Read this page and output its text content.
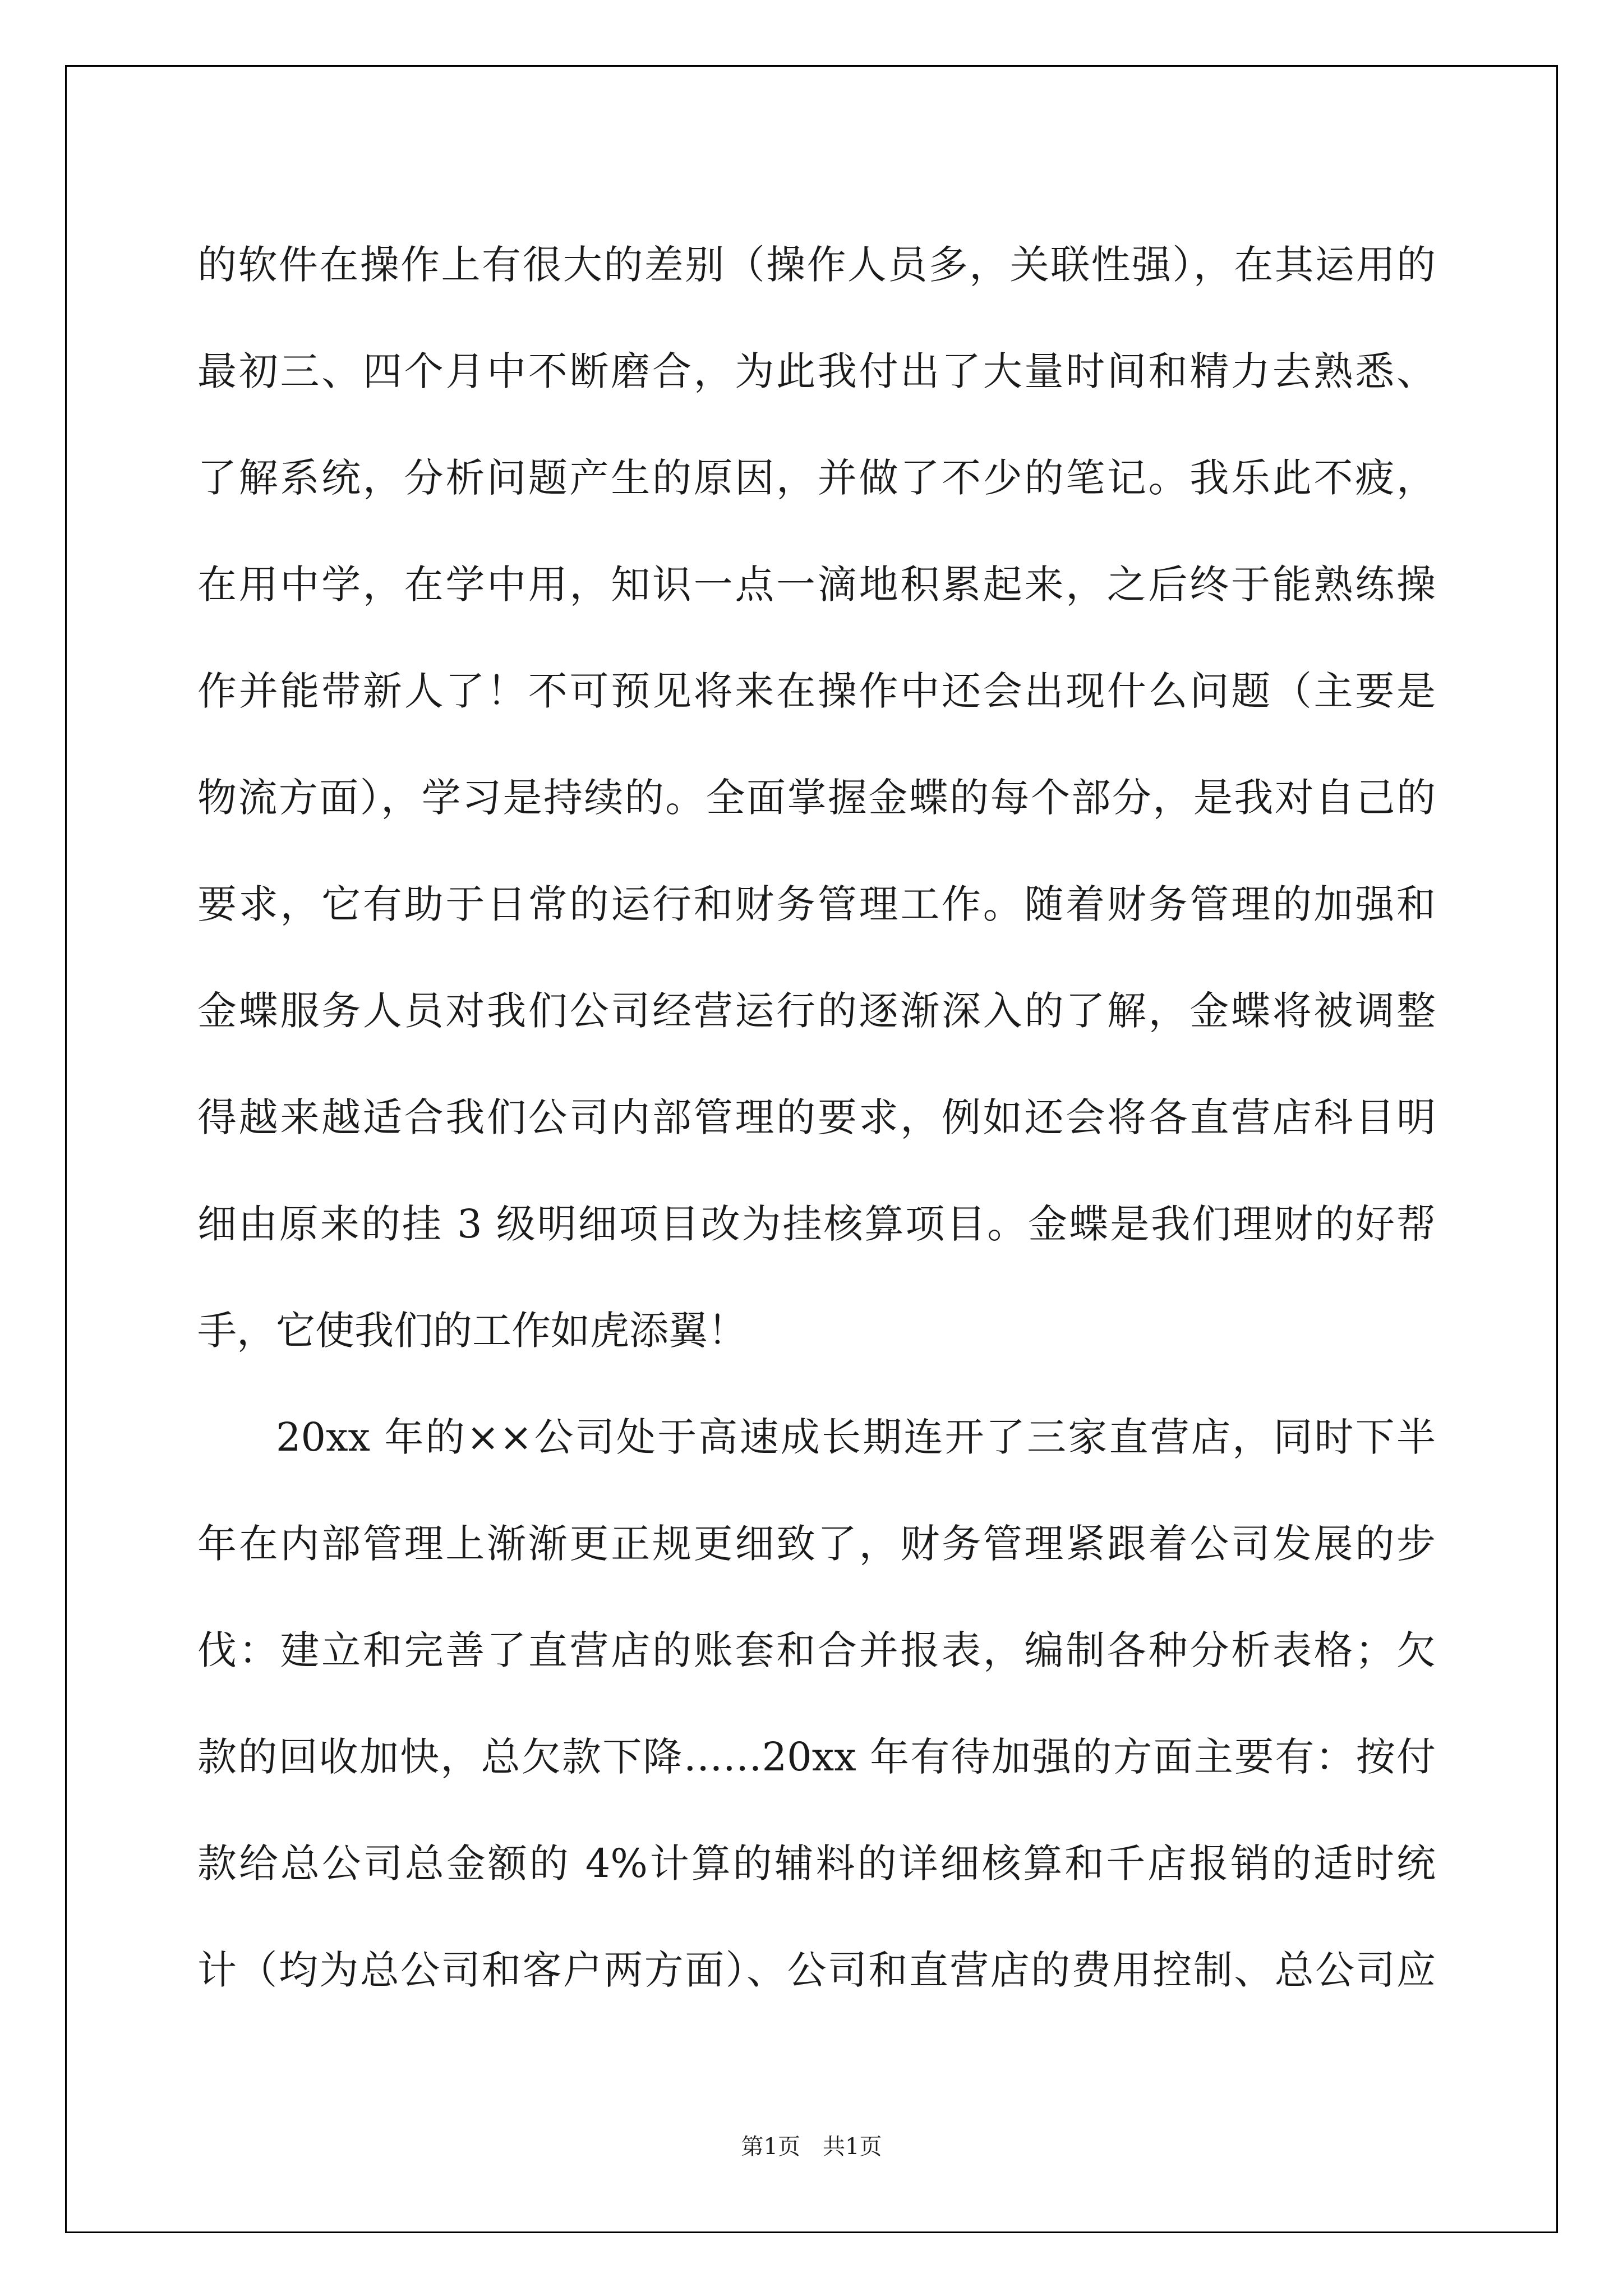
的软件在操作上有很大的差别（操作人员多，关联性强），在其运用的
最初三、四个月中不断磨合，为此我付出了大量时间和精力去熟悉、
了解系统，分析问题产生的原因，并做了不少的笔记。我乐此不疲，
在用中学，在学中用，知识一点一滴地积累起来，之后终于能熟练操
作并能带新人了！不可预见将来在操作中还会出现什么问题（主要是
物流方面），学习是持续的。全面掌握金蝶的每个部分，是我对自己的
要求，它有助于日常的运行和财务管理工作。随着财务管理的加强和
金蝶服务人员对我们公司经营运行的逐渐深入的了解，金蝶将被调整
得越来越适合我们公司内部管理的要求，例如还会将各直营店科目明
细由原来的挂 3 级明细项目改为挂核算项目。金蝶是我们理财的好帮
手，它使我们的工作如虎添翼！
20xx 年的××公司处于高速成长期连开了三家直营店，同时下半
年在内部管理上渐渐更正规更细致了，财务管理紧跟着公司发展的步
伐：建立和完善了直营店的账套和合并报表，编制各种分析表格；欠
款的回收加快，总欠款下降……20xx 年有待加强的方面主要有：按付
款给总公司总金额的 4%计算的辅料的详细核算和千店报销的适时统
计（均为总公司和客户两方面）、公司和直营店的费用控制、总公司应
第1页　共1页
